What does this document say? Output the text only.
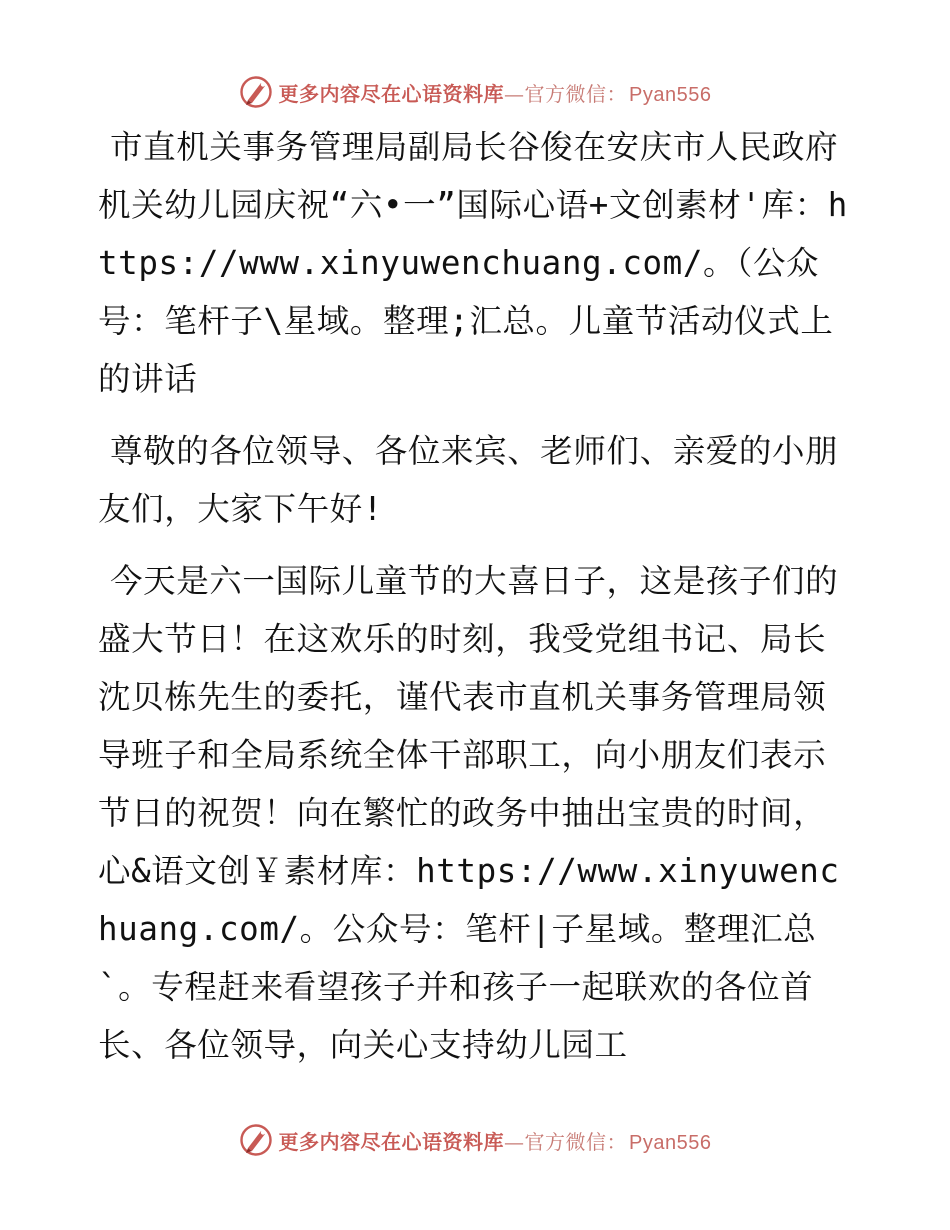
更多内容尽在心语资料库—官方微信： Pyan556

市直机关事务管理局副局长谷俊在安庆市人民政府机关幼儿园庆祝“六•一”国际心语+文创素材'库：https://www.xinyuwenchuang.com/。（公众号：笔杆子\星域。整理;汇总。儿童节活动仪式上的讲话

尊敬的各位领导、各位来宾、老师们、亲爱的小朋友们，大家下午好!

今天是六一国际儿童节的大喜日子，这是孩子们的盛大节日！在这欢乐的时刻，我受党组书记、局长沈贝栋先生的委托，谨代表市直机关事务管理局领导班子和全局系统全体干部职工，向小朋友们表示节日的祝贺！向在繁忙的政务中抽出宝贵的时间，心&语文创￥素材库：https://www.xinyuwenchuang.com/。公众号：笔杆|子星域。整理汇总`。专程赶来看望孩子并和孩子一起联欢的各位首长、各位领导，向关心支持幼儿园工

更多内容尽在心语资料库—官方微信： Pyan556
